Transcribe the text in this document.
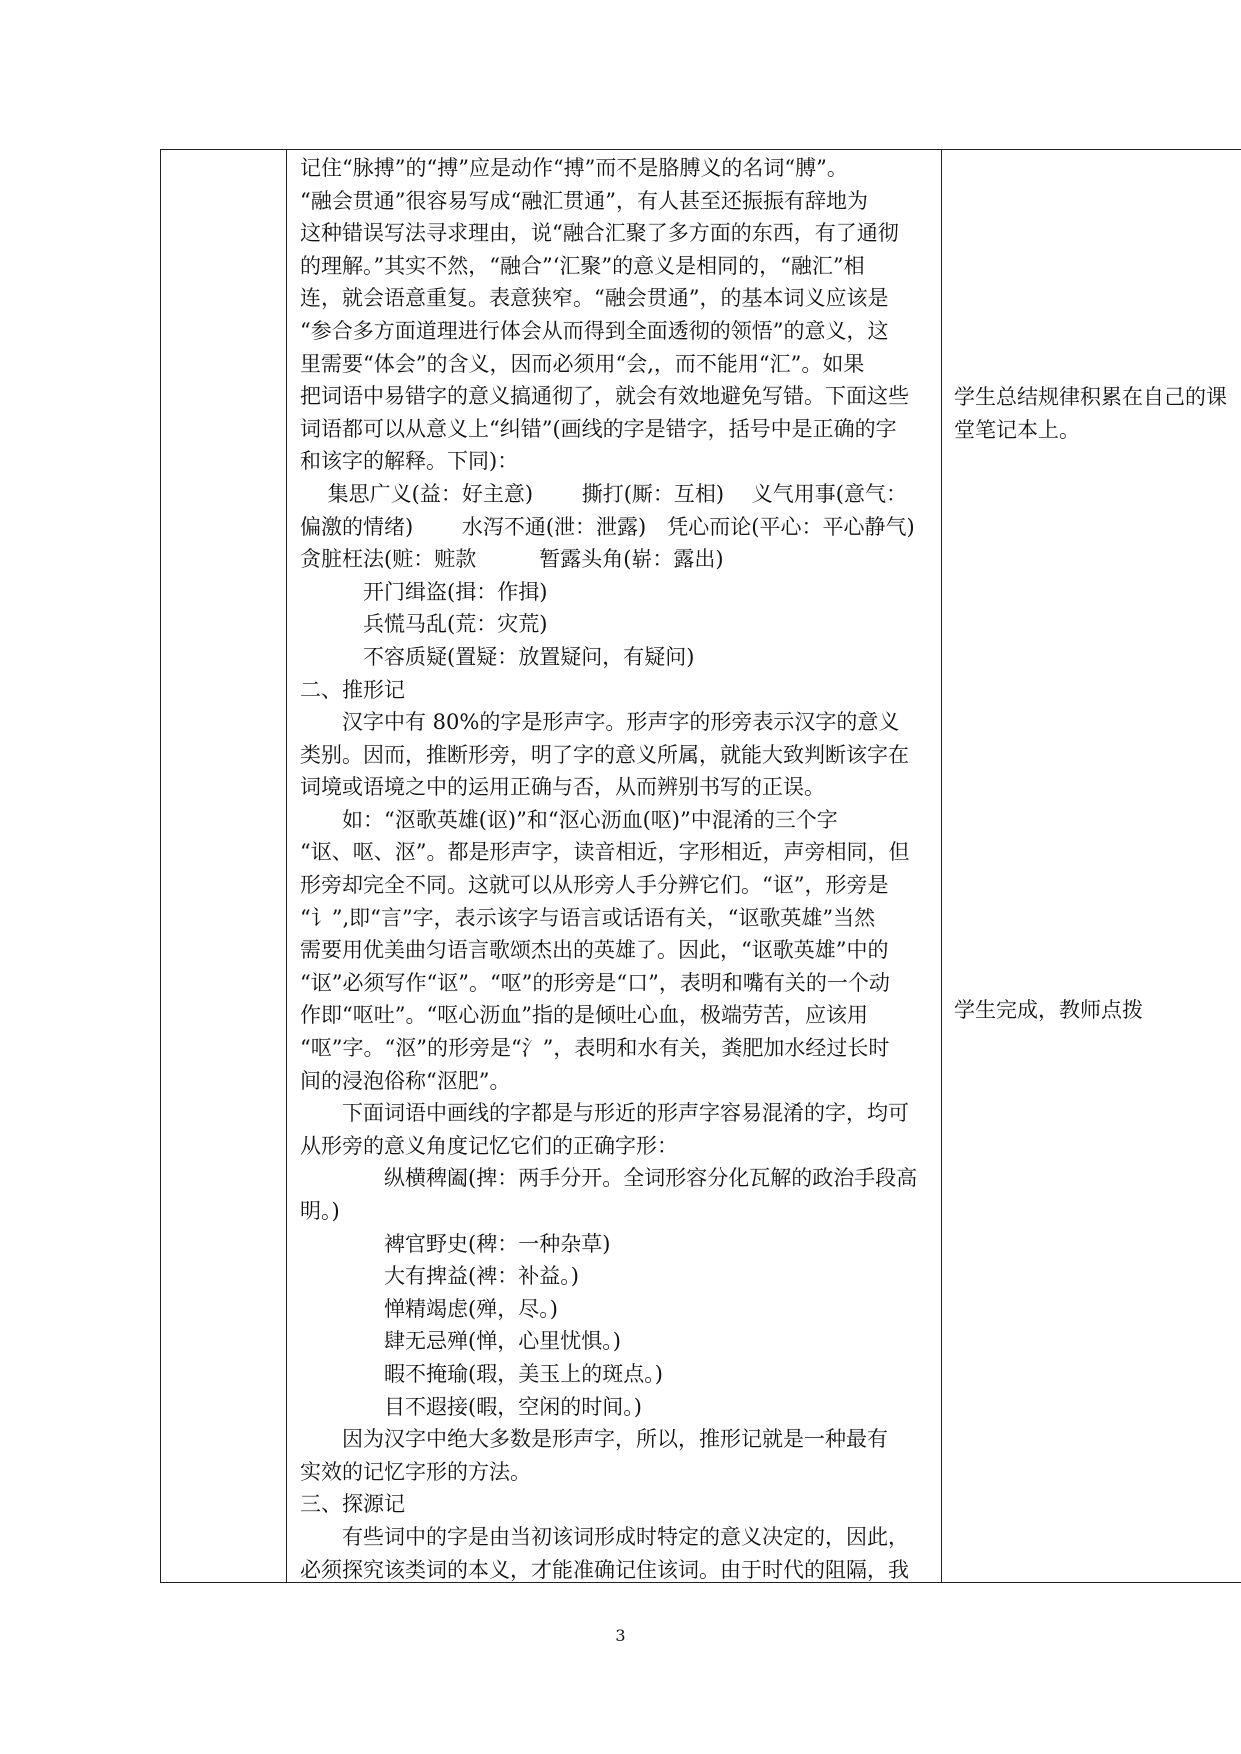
记住“脉搏”的“搏”应是动作“搏”而不是胳膊义的名词“膊”。
“融会贯通”很容易写成“融汇贯通”，有人甚至还振振有辞地为
这种错误写法寻求理由，说“融合汇聚了多方面的东西，有了通彻
的理解。”其实不然，“融合”‘汇聚”的意义是相同的，“融汇”相
连，就会语意重复。表意狭窄。“融会贯通”，的基本词义应该是
“参合多方面道理进行体会从而得到全面透彻的领悟”的意义，这
里需要“体会”的含义，因而必须用“会,，而不能用“汇”。如果
把词语中易错字的意义搞通彻了，就会有效地避免写错。下面这些
词语都可以从意义上“纠错”(画线的字是错字，括号中是正确的字
和该字的解释。下同)：
　 集思广义(益：好主意)　　 撕打(厮：互相)　 义气用事(意气：
偏激的情绪)　　 水泻不通(泄：泄露)　凭心而论(平心：平心静气)
贪脏枉法(赃：赃款　　　暂露头角(崭：露出)
　　　开门缉盗(揖：作揖)
　　　兵慌马乱(荒：灾荒)
　　　不容质疑(置疑：放置疑问，有疑问)
二、推形记
　　汉字中有 80%的字是形声字。形声字的形旁表示汉字的意义
类别。因而，推断形旁，明了字的意义所属，就能大致判断该字在
词境或语境之中的运用正确与否，从而辨别书写的正误。
　　如：“沤歌英雄(讴)”和“沤心沥血(呕)”中混淆的三个字
“讴、呕、沤”。都是形声字，读音相近，字形相近，声旁相同，但
形旁却完全不同。这就可以从形旁人手分辨它们。“讴”，形旁是
“讠”,即“言”字，表示该字与语言或话语有关，“讴歌英雄”当然
需要用优美曲匀语言歌颂杰出的英雄了。因此，“讴歌英雄”中的
“讴”必须写作“讴”。“呕”的形旁是“口”，表明和嘴有关的一个动
作即“呕吐”。“呕心沥血”指的是倾吐心血，极端劳苦，应该用
“呕”字。“沤”的形旁是“氵”，表明和水有关，粪肥加水经过长时
间的浸泡俗称“沤肥”。
　　下面词语中画线的字都是与形近的形声字容易混淆的字，均可
从形旁的意义角度记忆它们的正确字形：
　　　　纵横稗阖(捭：两手分开。全词形容分化瓦解的政治手段高
明。)
　　　　裨官野史(稗：一种杂草)
　　　　大有捭益(裨：补益。)
　　　　惮精竭虑(殚，尽。)
　　　　肆无忌殚(惮，心里忧惧。)
　　　　暇不掩瑜(瑕，美玉上的斑点。)
　　　　目不遐接(暇，空闲的时间。)
　　因为汉字中绝大多数是形声字，所以，推形记就是一种最有
实效的记忆字形的方法。
三、探源记
　　有些词中的字是由当初该词形成时特定的意义决定的，因此，
必须探究该类词的本义，才能准确记住该词。由于时代的阻隔，我
学生总结规律积累在自己的课
堂笔记本上。
学生完成，教师点拨
3
